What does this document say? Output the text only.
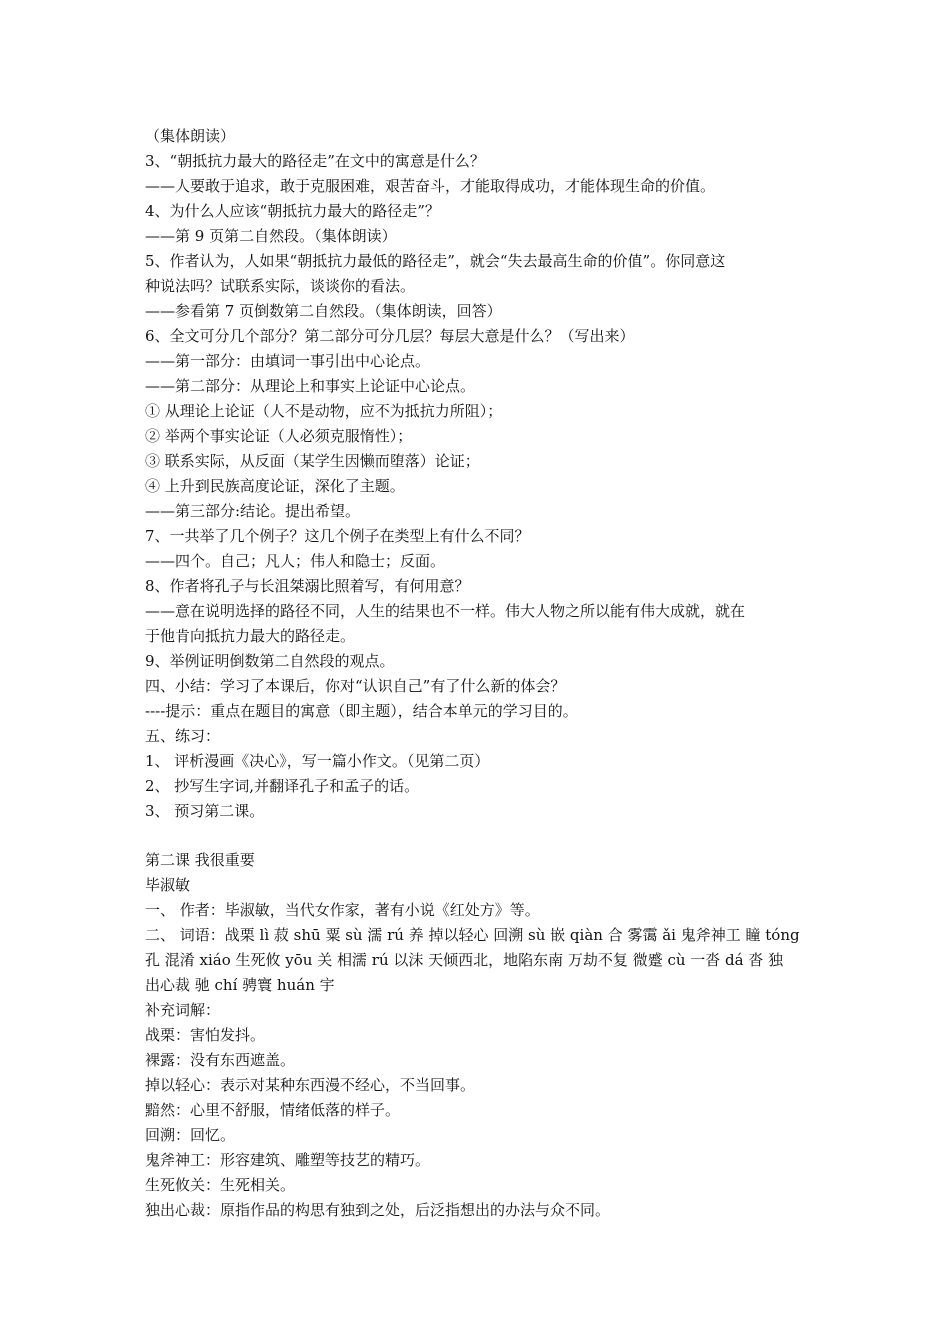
（集体朗读）
3、“朝抵抗力最大的路径走”在文中的寓意是什么？
——人要敢于追求，敢于克服困难，艰苦奋斗，才能取得成功，才能体现生命的价值。
4、为什么人应该“朝抵抗力最大的路径走”？
——第 9 页第二自然段。（集体朗读）
5、作者认为，人如果“朝抵抗力最低的路径走”，就会“失去最高生命的价值”。你同意这
种说法吗？试联系实际，谈谈你的看法。
——参看第 7 页倒数第二自然段。（集体朗读，回答）
6、全文可分几个部分？第二部分可分几层？每层大意是什么？（写出来）
——第一部分：由填词一事引出中心论点。
——第二部分：从理论上和事实上论证中心论点。
① 从理论上论证（人不是动物，应不为抵抗力所阻）；
② 举两个事实论证（人必须克服惰性）；
③ 联系实际，从反面（某学生因懒而堕落）论证；
④ 上升到民族高度论证，深化了主题。
——第三部分:结论。提出希望。
7、一共举了几个例子？这几个例子在类型上有什么不同？
——四个。自己；凡人；伟人和隐士；反面。
8、作者将孔子与长沮桀溺比照着写，有何用意？
——意在说明选择的路径不同，人生的结果也不一样。伟大人物之所以能有伟大成就，就在
于他肯向抵抗力最大的路径走。
9、举例证明倒数第二自然段的观点。
四、小结：学习了本课后，你对“认识自己”有了什么新的体会？
----提示：重点在题目的寓意（即主题），结合本单元的学习目的。
五、练习：
1、 评析漫画《决心》，写一篇小作文。（见第二页）
2、 抄写生字词,并翻译孔子和孟子的话。
3、 预习第二课。
第二课 我很重要
毕淑敏
一、 作者：毕淑敏，当代女作家，著有小说《红处方》等。
二、 词语：战栗 lì 菽 shū 粟 sù 濡 rú 养 掉以轻心 回溯 sù 嵌 qiàn 合 雾霭 ǎi 鬼斧神工 瞳 tóng
孔 混淆 xiáo 生死攸 yōu 关 相濡 rú 以沫 天倾西北，地陷东南 万劫不复 微蹙 cù 一沓 dá 沓 独
出心裁 驰 chí 骋寰 huán 宇
补充词解：
战栗：害怕发抖。
裸露：没有东西遮盖。
掉以轻心：表示对某种东西漫不经心，不当回事。
黯然：心里不舒服，情绪低落的样子。
回溯：回忆。
鬼斧神工：形容建筑、雕塑等技艺的精巧。
生死攸关：生死相关。
独出心裁：原指作品的构思有独到之处，后泛指想出的办法与众不同。
